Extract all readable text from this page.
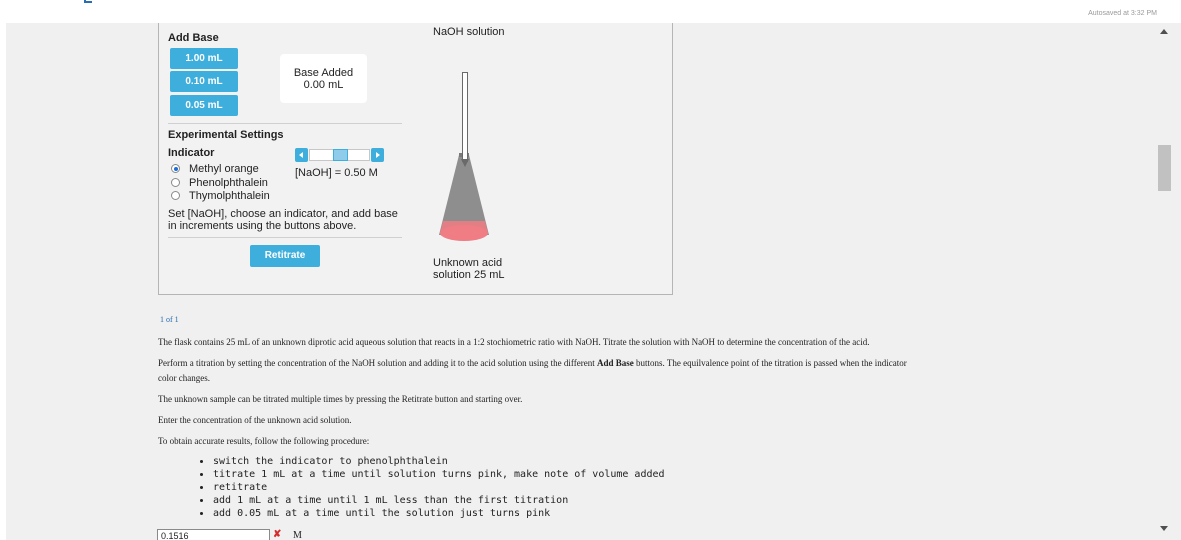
Autosaved at 3:32 PM
Add Base
1.00 mL
0.10 mL
0.05 mL
Base Added
0.00 mL
Experimental Settings
Indicator
Methyl orange
Phenolphthalein
Thymolphthalein
[NaOH] = 0.50 M
Set [NaOH], choose an indicator, and add base
in increments using the buttons above.
Retitrate
NaOH solution
Unknown acid
solution 25 mL
1 of 1
The flask contains 25 mL of an unknown diprotic acid aqueous solution that reacts in a 1:2 stochiometric ratio with NaOH. Titrate the solution with NaOH to determine the concentration of the acid.
Perform a titration by setting the concentration of the NaOH solution and adding it to the acid solution using the different Add Base buttons. The equilvalence point of the titration is passed when the indicator
color changes.
The unknown sample can be titrated multiple times by pressing the Retitrate button and starting over.
Enter the concentration of the unknown acid solution.
To obtain accurate results, follow the following procedure:
switch the indicator to phenolphthalein
titrate 1 mL at a time until solution turns pink, make note of volume added
retitrate
add 1 mL at a time until 1 mL less than the first titration
add 0.05 mL at a time until the solution just turns pink
0.1516	✘ M
